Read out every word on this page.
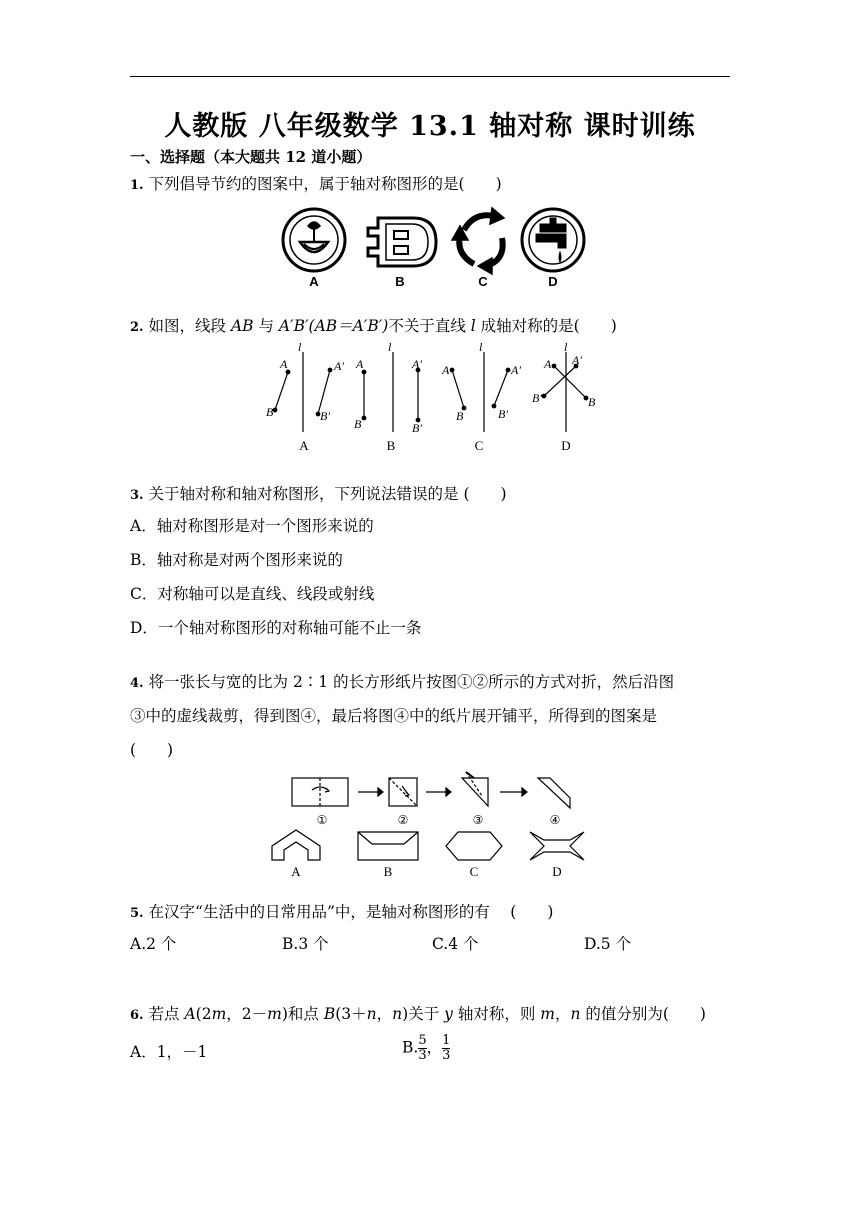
人教版 八年级数学 13.1 轴对称 课时训练
一、选择题（本大题共 12 道小题）
1. 下列倡导节约的图案中，属于轴对称图形的是(　　)
A	B	C	D
2. 如图，线段 AB 与 A′B′(AB＝A′B′)不关于直线 l 成轴对称的是(　　)
l
A
B
A′
B′
l
A
B
A′
B′
l
A
B
A′
B′
l
A
B
A′
B′
A	B	C	D
3. 关于轴对称和轴对称图形，下列说法错误的是 (　　)
A．轴对称图形是对一个图形来说的
B．轴对称是对两个图形来说的
C．对称轴可以是直线、线段或射线
D．一个轴对称图形的对称轴可能不止一条
4. 将一张长与宽的比为 2∶1 的长方形纸片按图①②所示的方式对折，然后沿图
③中的虚线裁剪，得到图④，最后将图④中的纸片展开铺平，所得到的图案是
(　　)
①	②	③	④
A	B	C	D
5. 在汉字“生活中的日常用品”中，是轴对称图形的有　 (　　)
A.2 个	B.3 个	C.4 个	D.5 个
6. 若点 A(2m，2－m)和点 B(3＋n，n)关于 y 轴对称，则 m，n 的值分别为(　　)
A．1，－1	B. $\frac{5}{3}$ ， $\frac{1}{3}$
